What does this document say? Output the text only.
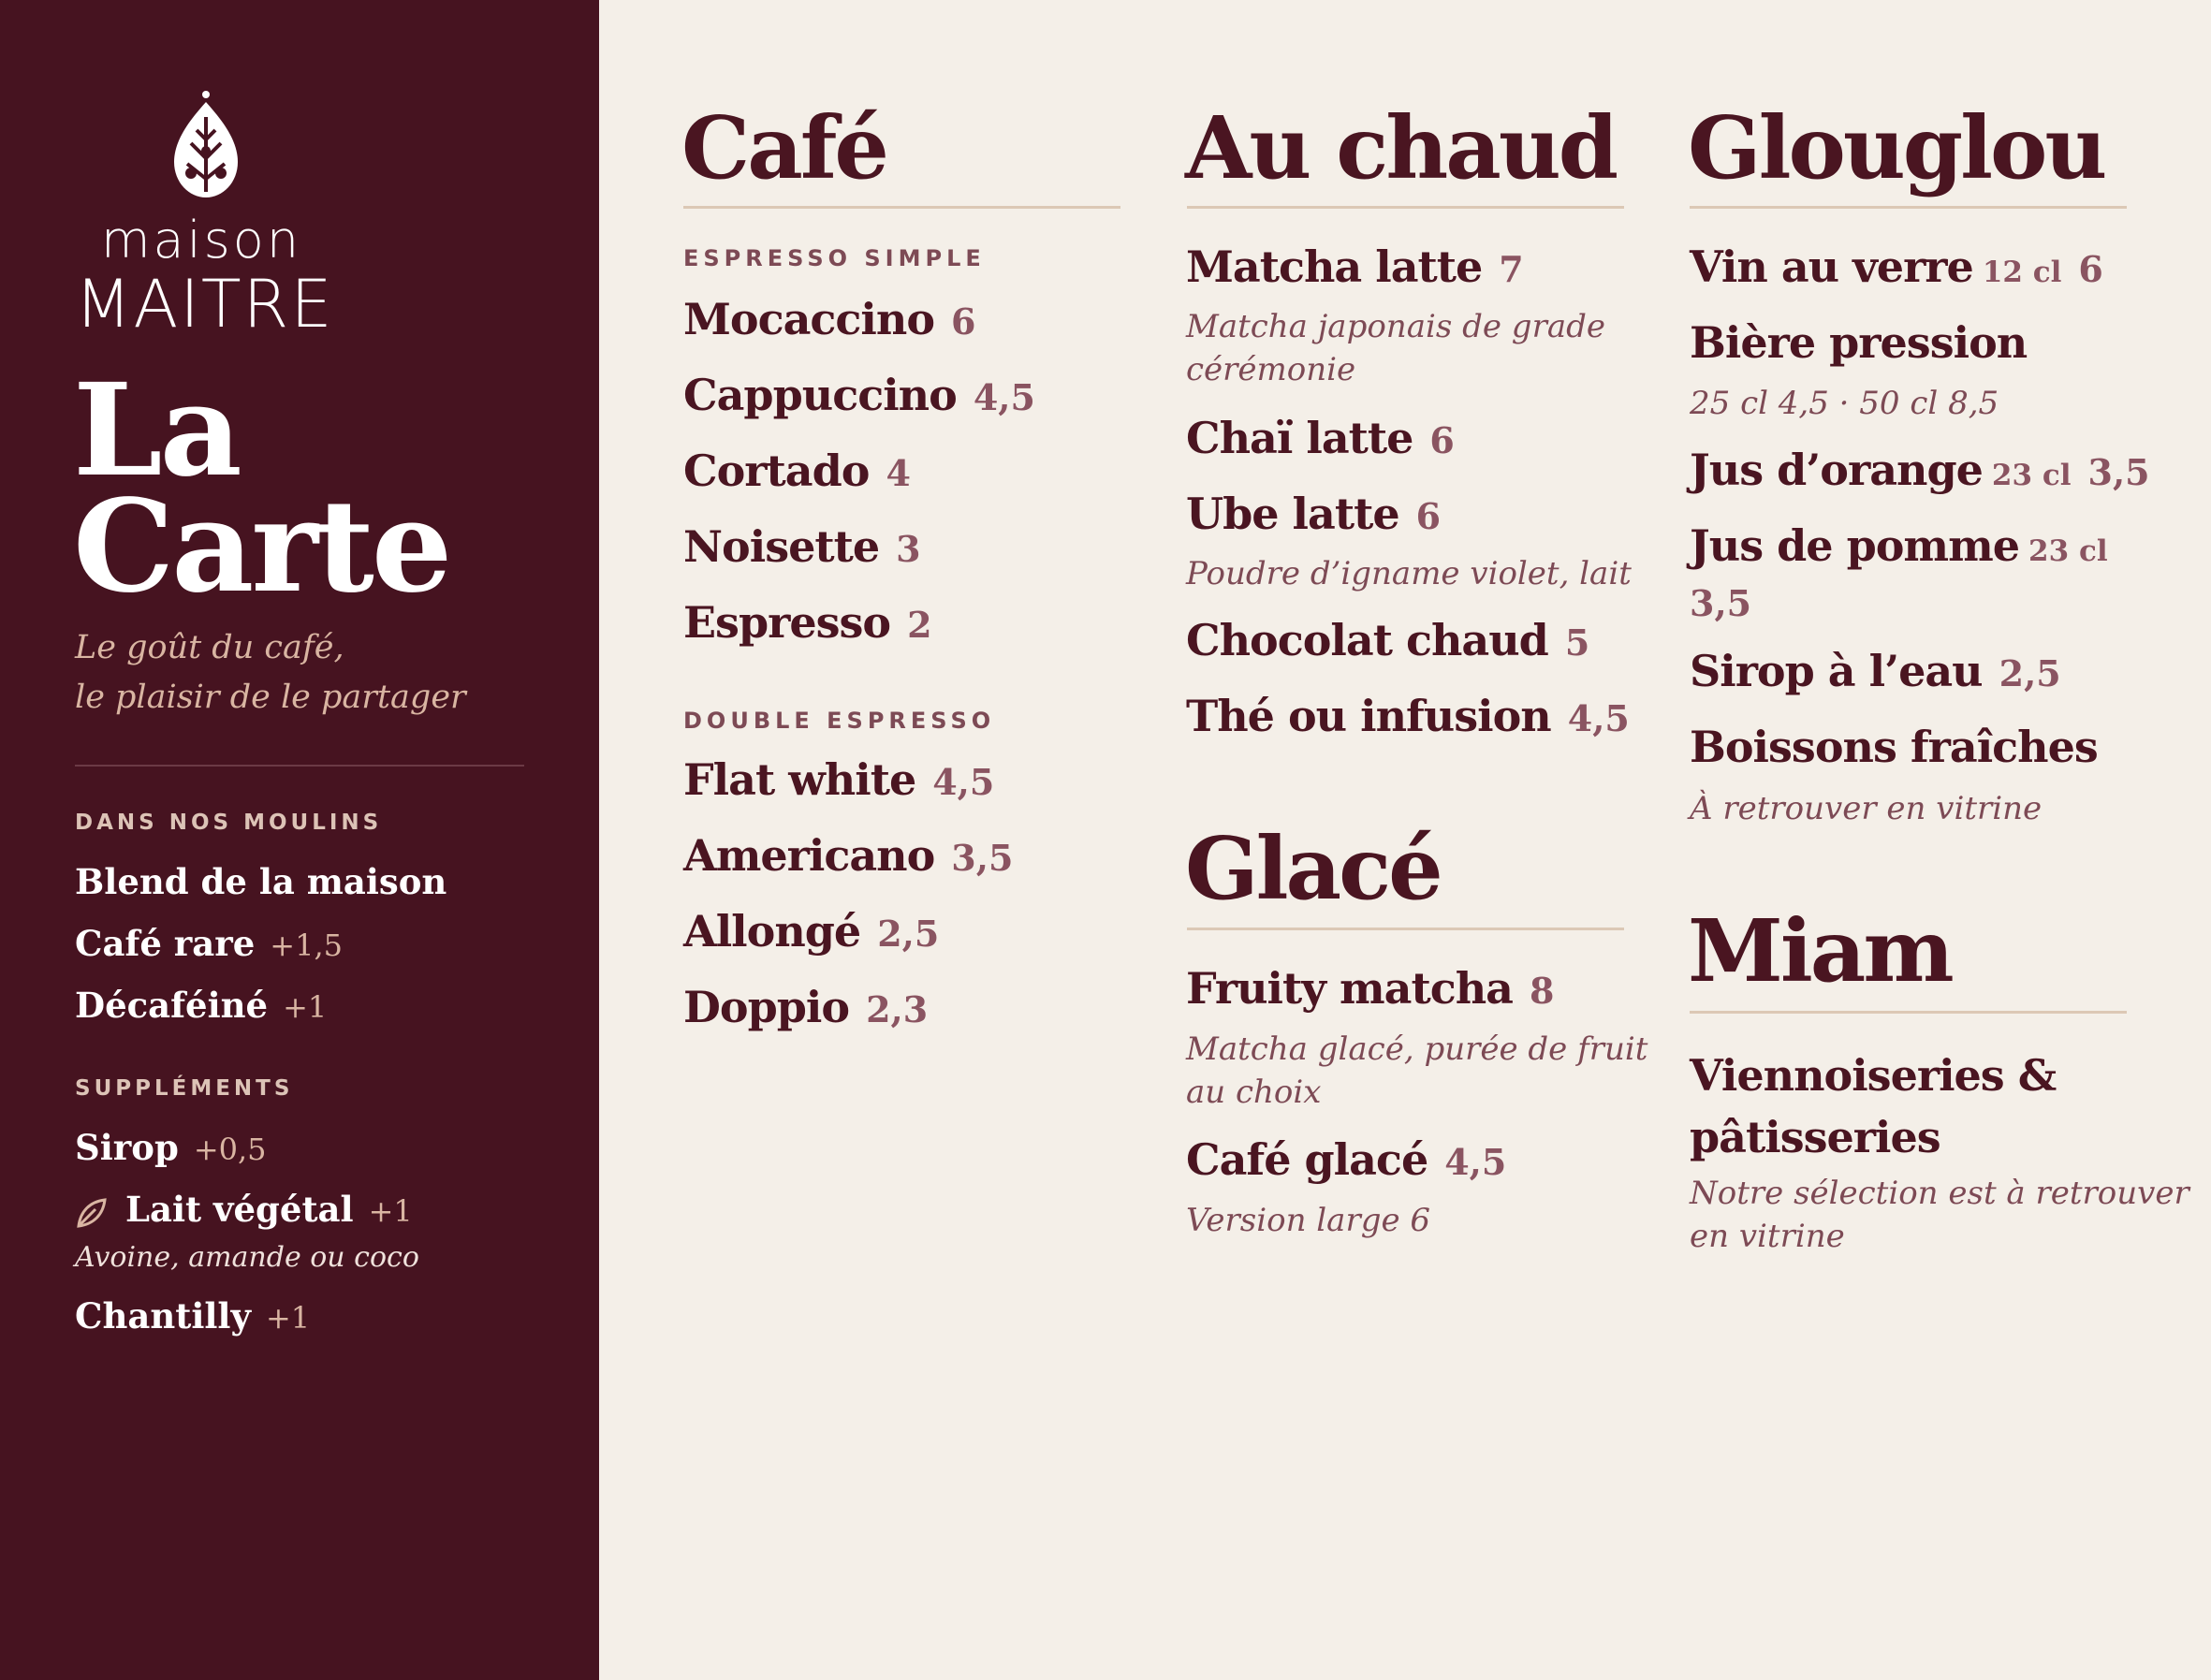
maison
MAITRE
La
Carte
Le goût du café,
le plaisir de le partager
DANS NOS MOULINS
Blend de la maison
Café rare +1,5
Décaféiné +1
SUPPLÉMENTS
Sirop +0,5
Lait végétal +1
Avoine, amande ou coco
Chantilly +1
Café
ESPRESSO SIMPLE
Mocaccino 6
Cappuccino 4,5
Cortado 4
Noisette 3
Espresso 2
DOUBLE ESPRESSO
Flat white 4,5
Americano 3,5
Allongé 2,5
Doppio 2,3
Au chaud
Matcha latte 7
Matcha japonais de grade
cérémonie
Chaï latte 6
Ube latte 6
Poudre d’igname violet, lait
Chocolat chaud 5
Thé ou infusion 4,5
Glacé
Fruity matcha 8
Matcha glacé, purée de fruit
au choix
Café glacé 4,5
Version large 6
Glouglou
Vin au verre 12 cl 6
Bière pression
25 cl 4,5 · 50 cl 8,5
Jus d’orange 23 cl 3,5
Jus de pomme 23 cl
3,5
Sirop à l’eau 2,5
Boissons fraîches
À retrouver en vitrine
Miam
Viennoiseries &
pâtisseries
Notre sélection est à retrouver
en vitrine
